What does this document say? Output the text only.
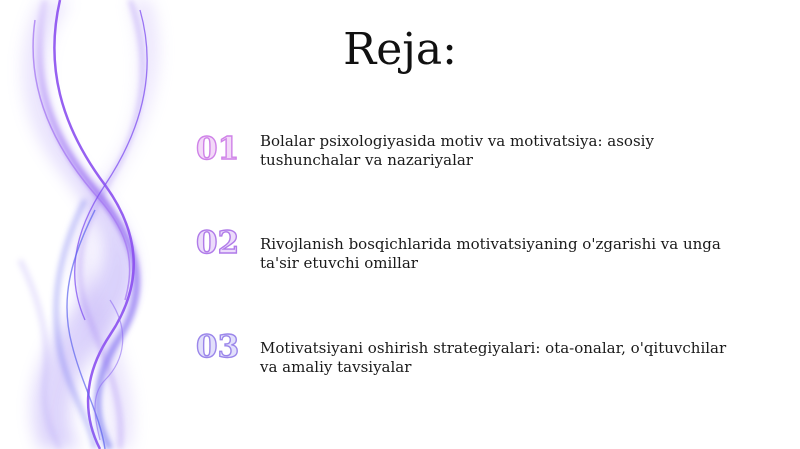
Reja:
01	Bolalar psixologiyasida motiv va motivatsiya: asosiy tushunchalar va nazariyalar
02	Rivojlanish bosqichlarida motivatsiyaning o'zgarishi va unga ta'sir etuvchi omillar
03	Motivatsiyani oshirish strategiyalari: ota-onalar, o'qituvchilar va amaliy tavsiyalar
